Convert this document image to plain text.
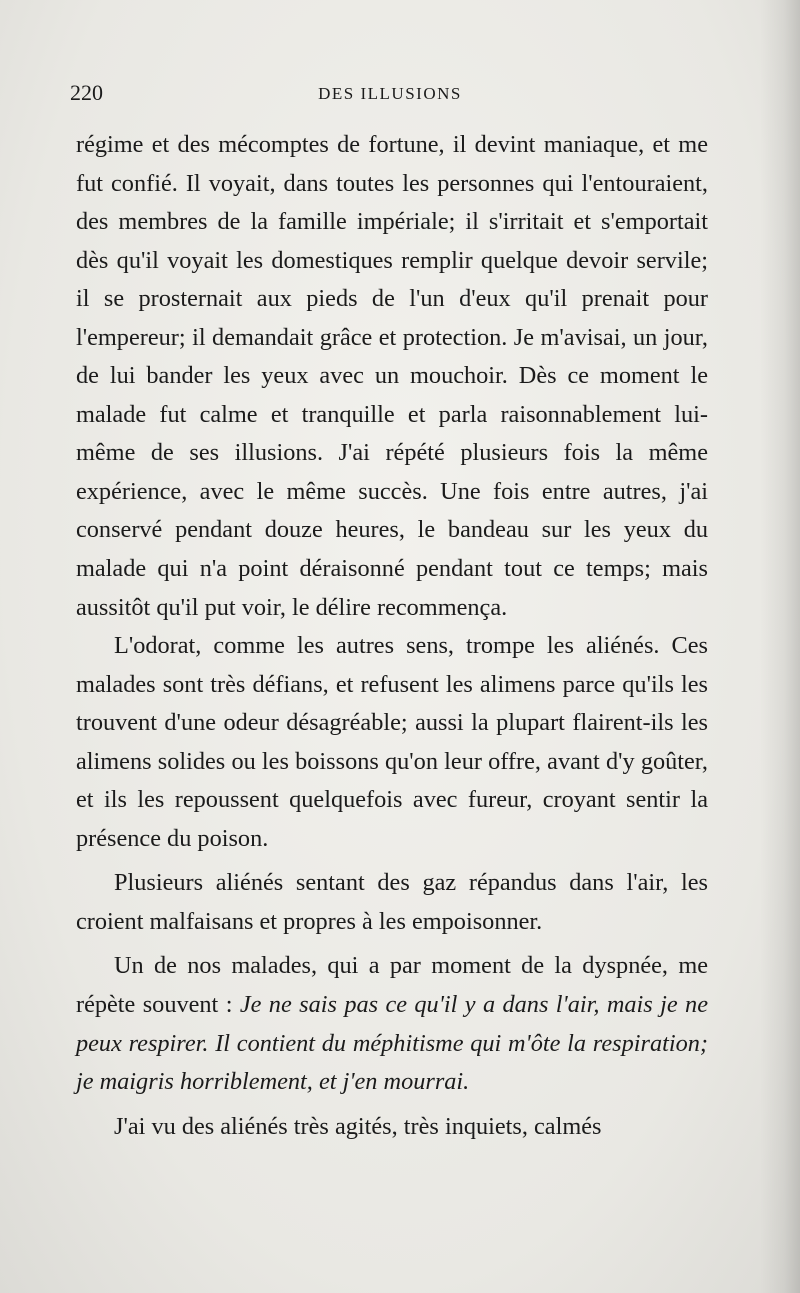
220	DES ILLUSIONS

régime et des mécomptes de fortune, il devint maniaque, et me fut confié. Il voyait, dans toutes les personnes qui l'entouraient, des membres de la famille impériale; il s'irritait et s'emportait dès qu'il voyait les domestiques remplir quelque devoir servile; il se prosternait aux pieds de l'un d'eux qu'il prenait pour l'empereur; il demandait grâce et protection. Je m'avisai, un jour, de lui bander les yeux avec un mouchoir. Dès ce moment le malade fut calme et tranquille et parla raisonnablement lui-même de ses illusions. J'ai répété plusieurs fois la même expérience, avec le même succès. Une fois entre autres, j'ai conservé pendant douze heures, le bandeau sur les yeux du malade qui n'a point déraisonné pendant tout ce temps; mais aussitôt qu'il put voir, le délire recommença.

L'odorat, comme les autres sens, trompe les aliénés. Ces malades sont très défians, et refusent les alimens parce qu'ils les trouvent d'une odeur désagréable; aussi la plupart flairent-ils les alimens solides ou les boissons qu'on leur offre, avant d'y goûter, et ils les repoussent quelquefois avec fureur, croyant sentir la présence du poison.

Plusieurs aliénés sentant des gaz répandus dans l'air, les croient malfaisans et propres à les empoisonner.

Un de nos malades, qui a par moment de la dyspnée, me répète souvent : Je ne sais pas ce qu'il y a dans l'air, mais je ne peux respirer. Il contient du méphitisme qui m'ôte la respiration; je maigris horriblement, et j'en mourrai.

J'ai vu des aliénés très agités, très inquiets, calmés
